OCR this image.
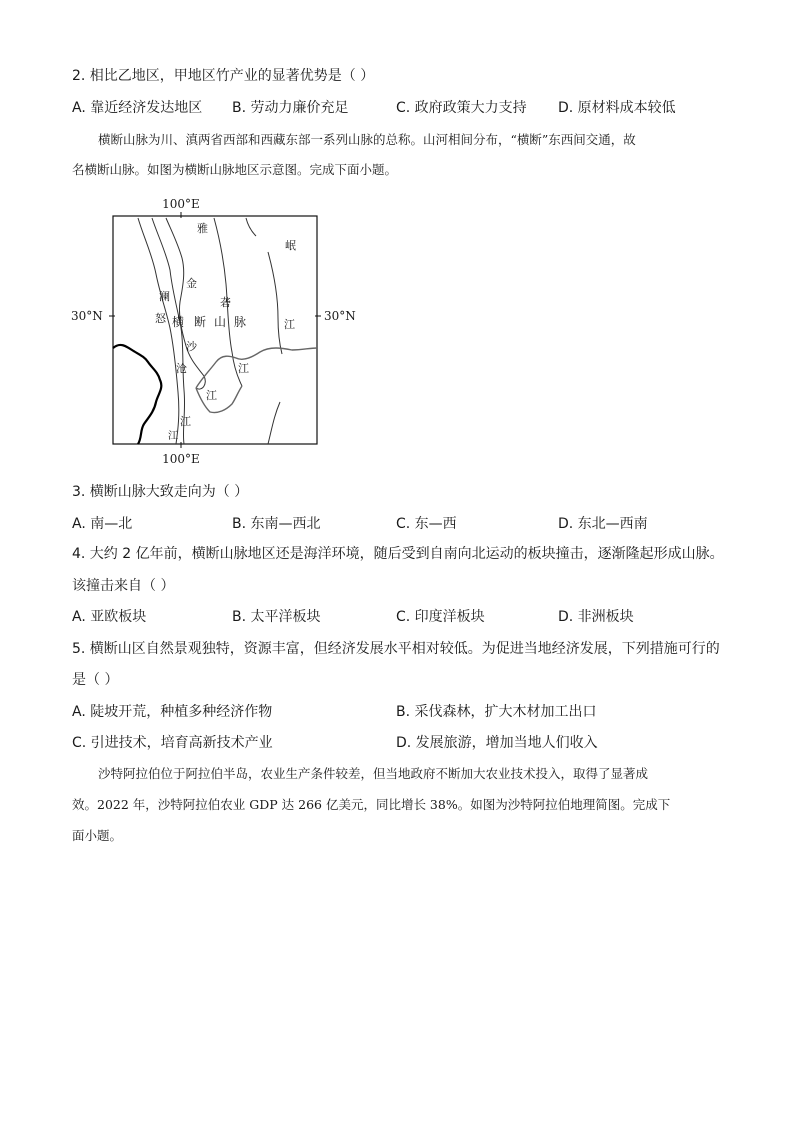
2. 相比乙地区，甲地区竹产业的显著优势是（ ）
A. 靠近经济发达地区 B. 劳动力廉价充足	C. 政府政策大力支持 D. 原材料成本较低
横断山脉为川、滇两省西部和西藏东部一系列山脉的总称。山河相间分布，“横断”东西间交通，故
名横断山脉。如图为横断山脉地区示意图。完成下面小题。
100°E
100°E
30°N	30°N
雅
金
岷
澜	砻
怒 横 断 山 脉	江
沙
沧	江
江
江
江
3. 横断山脉大致走向为（ ）
A. 南—北	B. 东南—西北	C. 东—西	D. 东北—西南
4. 大约 2 亿年前，横断山脉地区还是海洋环境，随后受到自南向北运动的板块撞击，逐渐隆起形成山脉。
该撞击来自（ ）
A. 亚欧板块	B. 太平洋板块	C. 印度洋板块	D. 非洲板块
5. 横断山区自然景观独特，资源丰富，但经济发展水平相对较低。为促进当地经济发展，下列措施可行的
是（ ）
A. 陡坡开荒，种植多种经济作物	B. 采伐森林，扩大木材加工出口
C. 引进技术，培育高新技术产业	D. 发展旅游，增加当地人们收入
沙特阿拉伯位于阿拉伯半岛，农业生产条件较差，但当地政府不断加大农业技术投入，取得了显著成
效。2022 年，沙特阿拉伯农业 GDP 达 266 亿美元，同比增长 38%。如图为沙特阿拉伯地理简图。完成下
面小题。
